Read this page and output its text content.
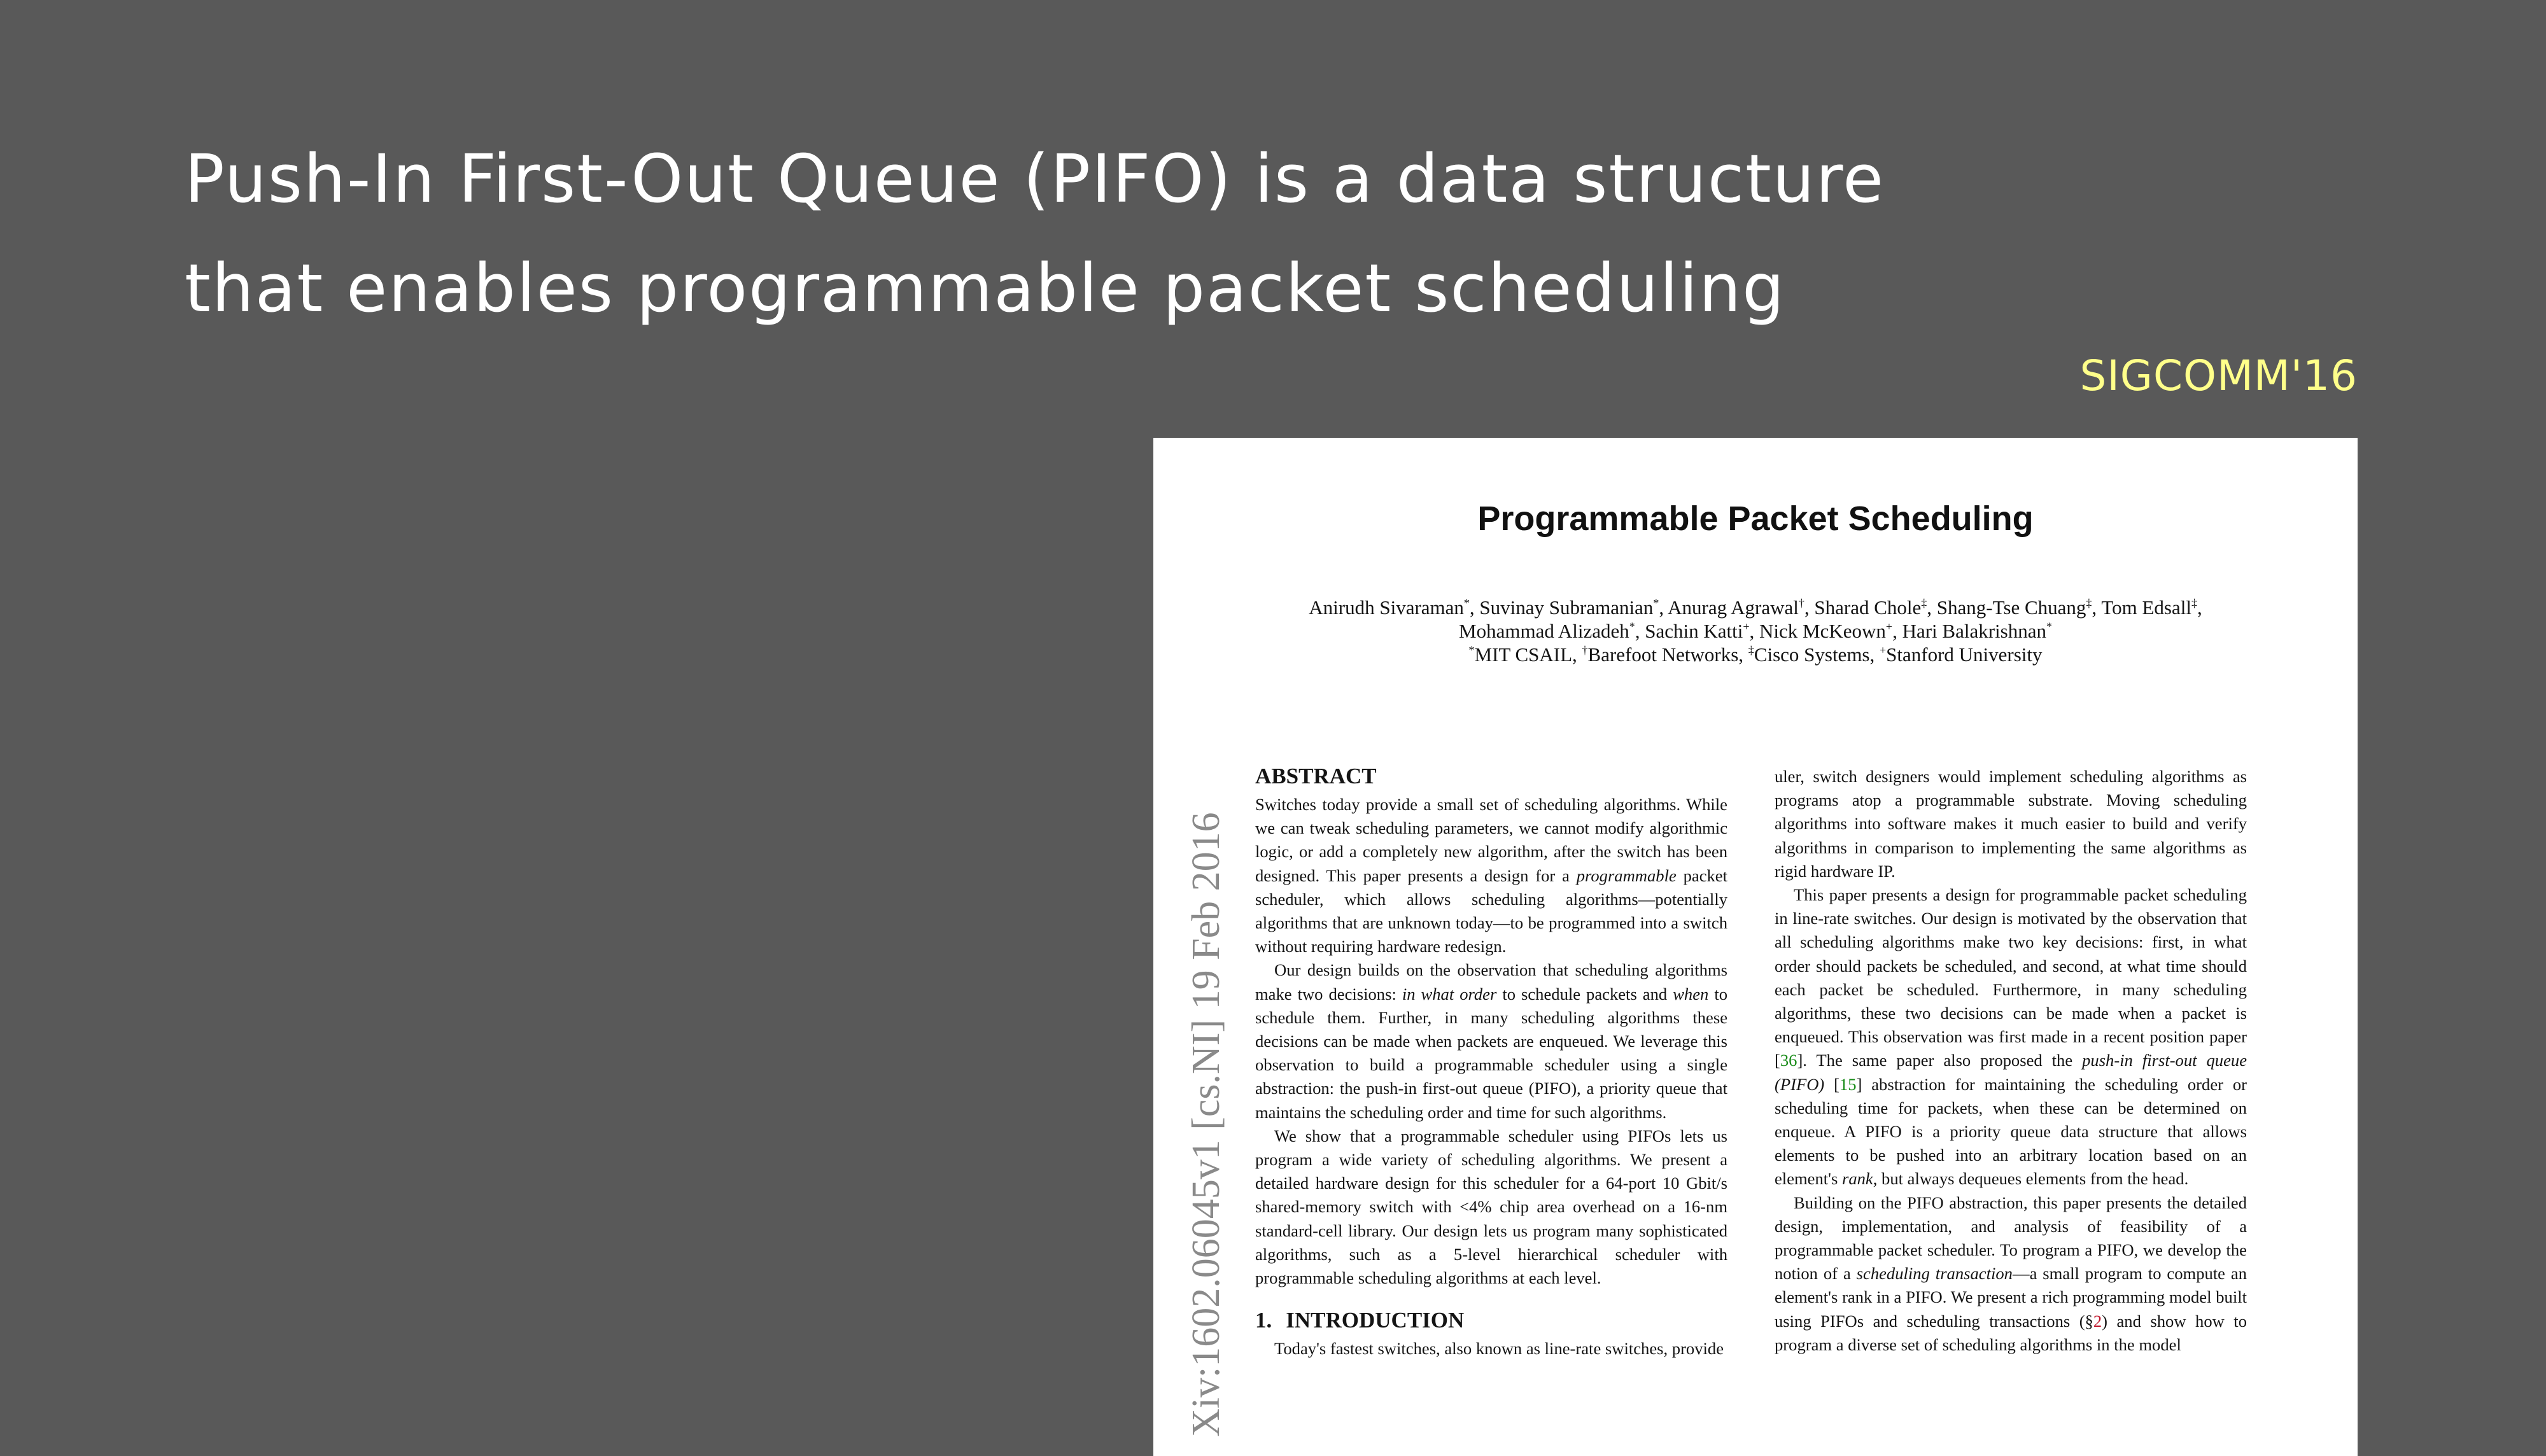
Push-In First-Out Queue (PIFO) is a data structure
that enables programmable packet scheduling
SIGCOMM'16
Programmable Packet Scheduling
Anirudh Sivaraman*, Suvinay Subramanian*, Anurag Agrawal†, Sharad Chole‡, Shang-Tse Chuang‡, Tom Edsall‡,
Mohammad Alizadeh*, Sachin Katti+, Nick McKeown+, Hari Balakrishnan*
*MIT CSAIL, †Barefoot Networks, ‡Cisco Systems, +Stanford University
Xiv:1602.06045v1 [cs.NI] 19 Feb 2016
ABSTRACT

Switches today provide a small set of scheduling algorithms. While we can tweak scheduling parameters, we cannot modify algorithmic logic, or add a completely new algorithm, after the switch has been designed. This paper presents a design for a programmable packet scheduler, which allows scheduling algorithms—potentially algorithms that are unknown today—to be programmed into a switch without requiring hardware redesign.

Our design builds on the observation that scheduling algorithms make two decisions: in what order to schedule packets and when to schedule them. Further, in many scheduling algorithms these decisions can be made when packets are enqueued. We leverage this observation to build a programmable scheduler using a single abstraction: the push-in first-out queue (PIFO), a priority queue that maintains the scheduling order and time for such algorithms.

We show that a programmable scheduler using PIFOs lets us program a wide variety of scheduling algorithms. We present a detailed hardware design for this scheduler for a 64-port 10 Gbit/s shared-memory switch with <4% chip area overhead on a 16-nm standard-cell library. Our design lets us program many sophisticated algorithms, such as a 5-level hierarchical scheduler with programmable scheduling algorithms at each level.

1. INTRODUCTION

Today's fastest switches, also known as line-rate switches, provide

uler, switch designers would implement scheduling algorithms as programs atop a programmable substrate. Moving scheduling algorithms into software makes it much easier to build and verify algorithms in comparison to implementing the same algorithms as rigid hardware IP.

This paper presents a design for programmable packet scheduling in line-rate switches. Our design is motivated by the observation that all scheduling algorithms make two key decisions: first, in what order should packets be scheduled, and second, at what time should each packet be scheduled. Furthermore, in many scheduling algorithms, these two decisions can be made when a packet is enqueued. This observation was first made in a recent position paper [36]. The same paper also proposed the push-in first-out queue (PIFO) [15] abstraction for maintaining the scheduling order or scheduling time for packets, when these can be determined on enqueue. A PIFO is a priority queue data structure that allows elements to be pushed into an arbitrary location based on an element's rank, but always dequeues elements from the head.

Building on the PIFO abstraction, this paper presents the detailed design, implementation, and analysis of feasibility of a programmable packet scheduler. To program a PIFO, we develop the notion of a scheduling transaction—a small program to compute an element's rank in a PIFO. We present a rich programming model built using PIFOs and scheduling transactions (§2) and show how to program a diverse set of scheduling algorithms in the model
